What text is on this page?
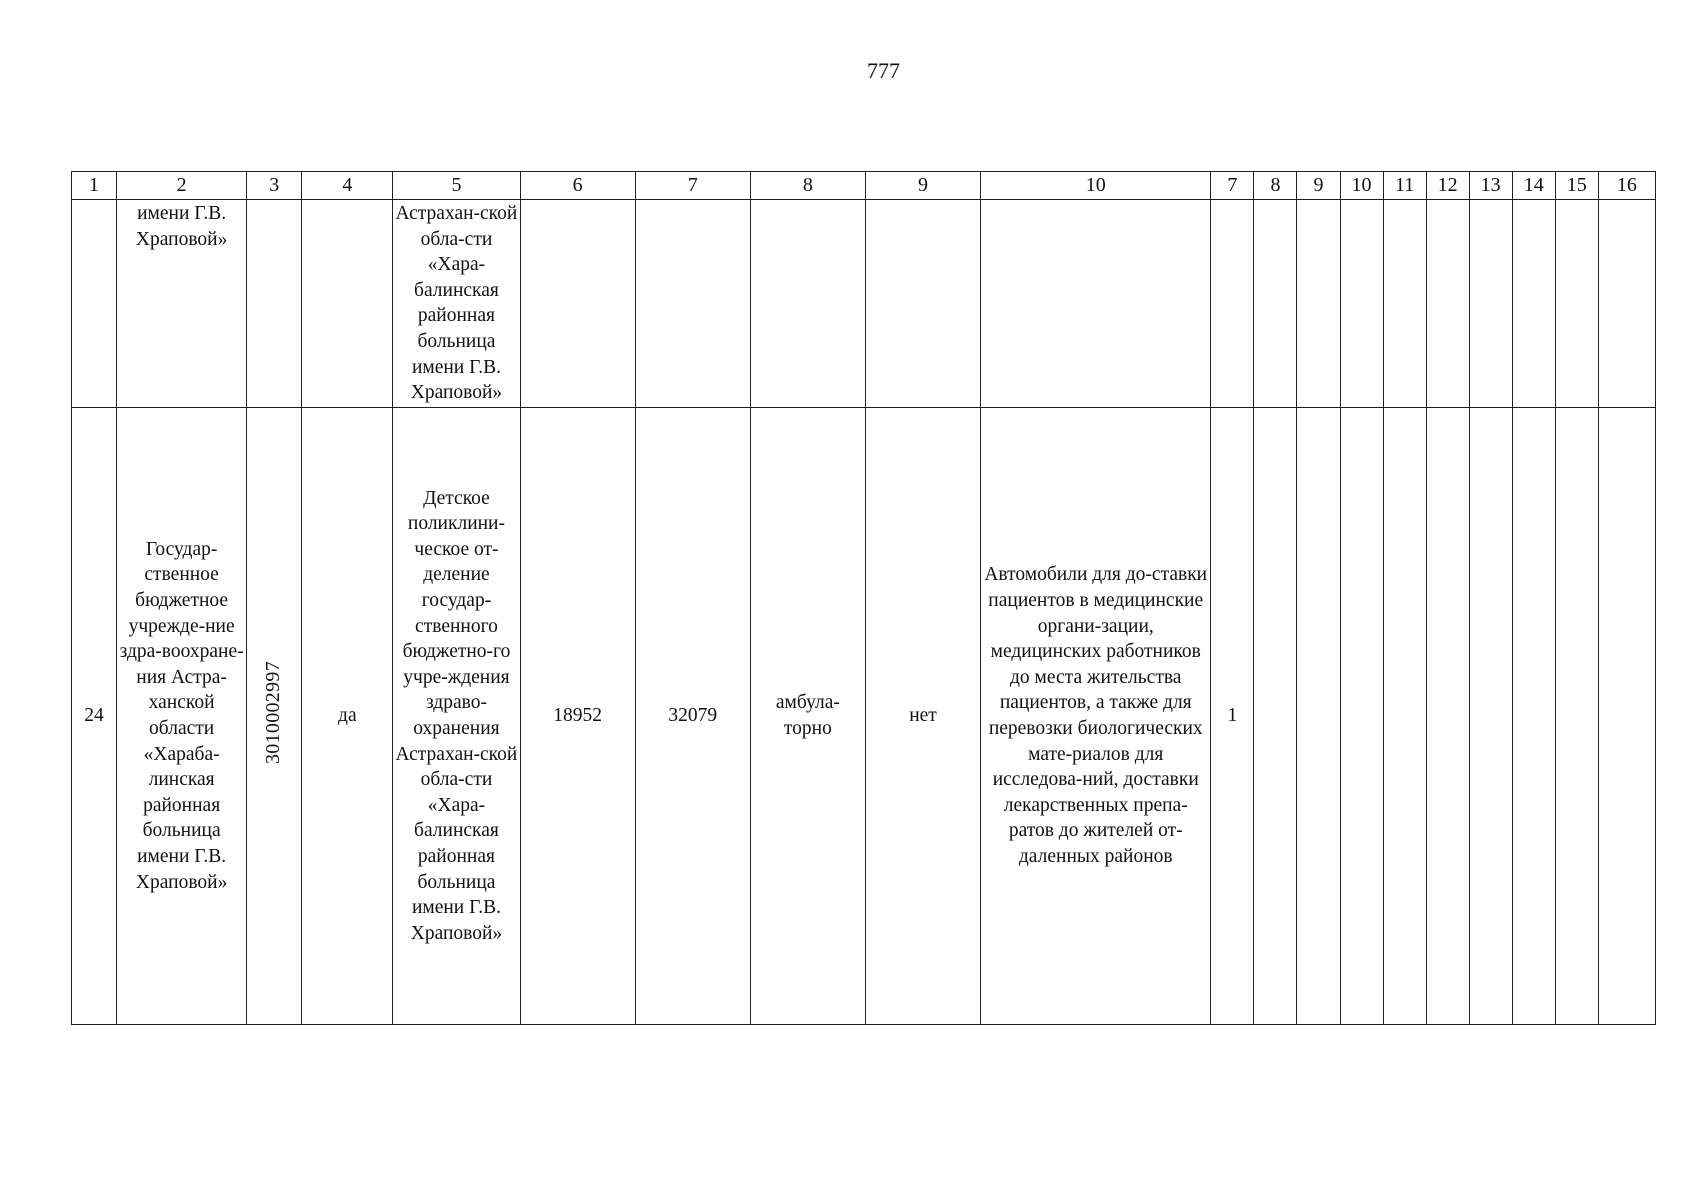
777
1	2	3	4	5	6	7	8	9	10	7	8	9	10	11	12	13	14	15	16
	имени Г.В. Храповой»			Астрахан-ской обла-сти «Хара-балинская районная больница имени Г.В. Храповой»															
24	Государ-ственное бюджетное учрежде-ние здра-воохране-ния Астра-ханской области «Хараба-линская районная больница имени Г.В. Храповой»	3010002997	да	Детское поликлини-ческое от-деление государ-ственного бюджетно-го учре-ждения здраво-охранения Астрахан-ской обла-сти «Хара-балинская районная больница имени Г.В. Храповой»	18952	32079	амбула-торно	нет	Автомобили для до-ставки пациентов в медицинские органи-зации, медицинских работников до места жительства пациентов, а также для перевозки биологических мате-риалов для исследова-ний, доставки лекарственных препа-ратов до жителей от-даленных районов	1									
